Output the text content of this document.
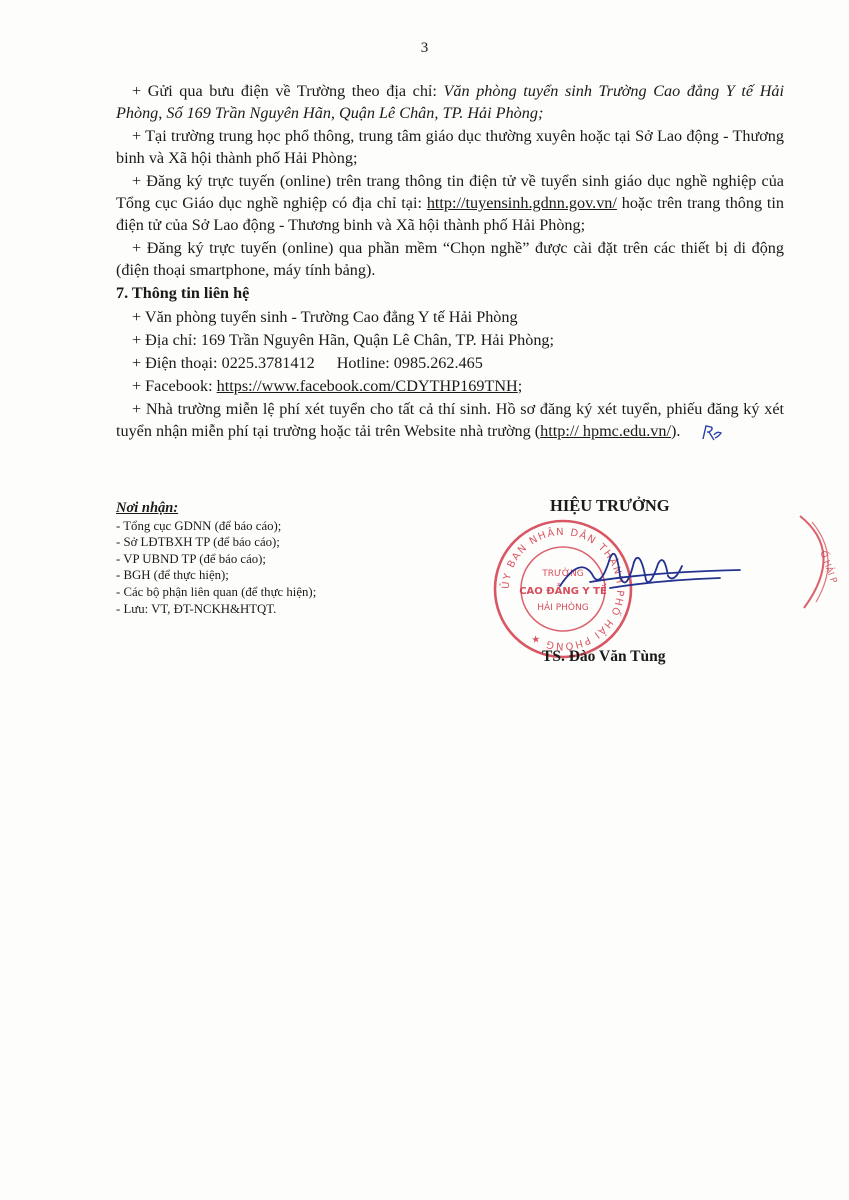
3

+ Gửi qua bưu điện về Trường theo địa chỉ: Văn phòng tuyển sinh Trường Cao đẳng Y tế Hải Phòng, Số 169 Trần Nguyên Hãn, Quận Lê Chân, TP. Hải Phòng;

+ Tại trường trung học phổ thông, trung tâm giáo dục thường xuyên hoặc tại Sở Lao động - Thương binh và Xã hội thành phố Hải Phòng;

+ Đăng ký trực tuyến (online) trên trang thông tin điện tử về tuyển sinh giáo dục nghề nghiệp của Tổng cục Giáo dục nghề nghiệp có địa chỉ tại: http://tuyensinh.gdnn.gov.vn/ hoặc trên trang thông tin điện tử của Sở Lao động - Thương binh và Xã hội thành phố Hải Phòng;

+ Đăng ký trực tuyến (online) qua phần mềm “Chọn nghề” được cài đặt trên các thiết bị di động (điện thoại smartphone, máy tính bảng).

7. Thông tin liên hệ

+ Văn phòng tuyển sinh - Trường Cao đẳng Y tế Hải Phòng

+ Địa chỉ: 169 Trần Nguyên Hãn, Quận Lê Chân, TP. Hải Phòng;

+ Điện thoại: 0225.3781412 Hotline: 0985.262.465

+ Facebook: https://www.facebook.com/CDYTHP169TNH;

+ Nhà trường miễn lệ phí xét tuyển cho tất cả thí sinh. Hồ sơ đăng ký xét tuyển, phiếu đăng ký xét tuyển nhận miễn phí tại trường hoặc tải trên Website nhà trường (http:// hpmc.edu.vn/).

Nơi nhận:
- Tổng cục GDNN (để báo cáo);
- Sở LĐTBXH TP (để báo cáo);
- VP UBND TP (để báo cáo);
- BGH (để thực hiện);
- Các bộ phận liên quan (để thực hiện);
- Lưu: VT, ĐT-NCKH&HTQT.
HIỆU TRƯỞNG
ỦY BAN NHÂN DÂN THÀNH PHỐ HẢI PHÒNG ★
TRƯỜNG
CAO ĐẲNG Y TẾ
HẢI PHÒNG
TS. Đào Văn Tùng
Ố HẢI P
